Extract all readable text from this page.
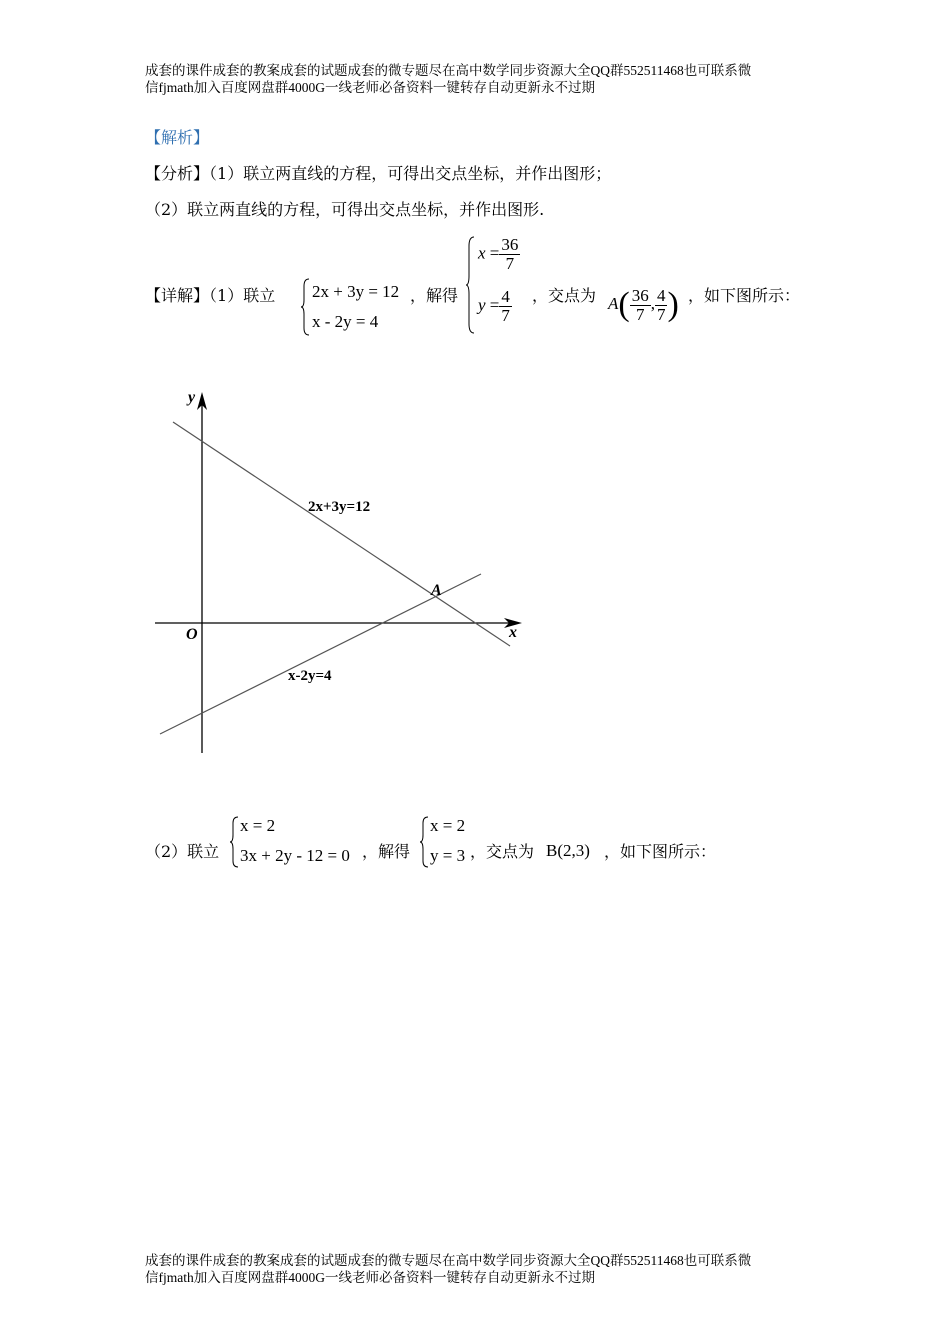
成套的课件成套的教案成套的试题成套的微专题尽在高中数学同步资源大全QQ群552511468也可联系微
信fjmath加入百度网盘群4000G一线老师必备资料一键转存自动更新永不过期
【解析】
【分析】（1）联立两直线的方程，可得出交点坐标，并作出图形；
（2）联立两直线的方程，可得出交点坐标，并作出图形.
【详解】（1）联立 2x + 3y = 12
x - 2y = 4
，解得
$x = \frac{36}{7}$
$y = \frac{4}{7}$ ，交点为 $A( \frac{36}{7}$ , $\frac{4}{7}$ ) ，如下图所示：
y
x
O
A
2x+3y=12
x-2y=4
（2）联立
x = 2
3x + 2y - 12 = 0 ，解得
x = 2
y = 3 ，交点为 B(2,3) ，如下图所示：
成套的课件成套的教案成套的试题成套的微专题尽在高中数学同步资源大全QQ群552511468也可联系微
信fjmath加入百度网盘群4000G一线老师必备资料一键转存自动更新永不过期
